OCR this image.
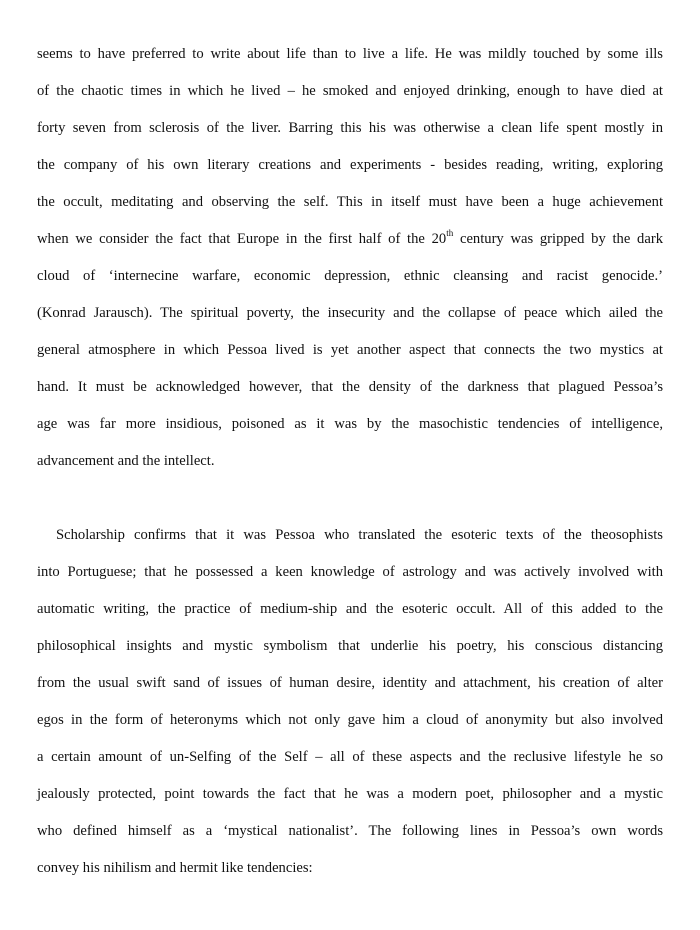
seems to have preferred to write about life than to live a life. He was mildly touched by some ills
of the chaotic times in which he lived – he smoked and enjoyed drinking, enough to have died at
forty seven from sclerosis of the liver. Barring this his was otherwise a clean life spent mostly in
the company of his own literary creations and experiments - besides reading, writing, exploring
the occult, meditating and observing the self. This in itself must have been a huge achievement
when we consider the fact that Europe in the first half of the 20th century was gripped by the dark
cloud of ‘internecine warfare, economic depression, ethnic cleansing and racist genocide.’
(Konrad Jarausch). The spiritual poverty, the insecurity and the collapse of peace which ailed the
general atmosphere in which Pessoa lived is yet another aspect that connects the two mystics at
hand. It must be acknowledged however, that the density of the darkness that plagued Pessoa’s
age was far more insidious, poisoned as it was by the masochistic tendencies of intelligence,
advancement and the intellect.
Scholarship confirms that it was Pessoa who translated the esoteric texts of the theosophists
into Portuguese; that he possessed a keen knowledge of astrology and was actively involved with
automatic writing, the practice of medium-ship and the esoteric occult. All of this added to the
philosophical insights and mystic symbolism that underlie his poetry, his conscious distancing
from the usual swift sand of issues of human desire, identity and attachment, his creation of alter
egos in the form of heteronyms which not only gave him a cloud of anonymity but also involved
a certain amount of un-Selfing of the Self – all of these aspects and the reclusive lifestyle he so
jealously protected, point towards the fact that he was a modern poet, philosopher and a mystic
who defined himself as a ‘mystical nationalist’. The following lines in Pessoa’s own words
convey his nihilism and hermit like tendencies:
